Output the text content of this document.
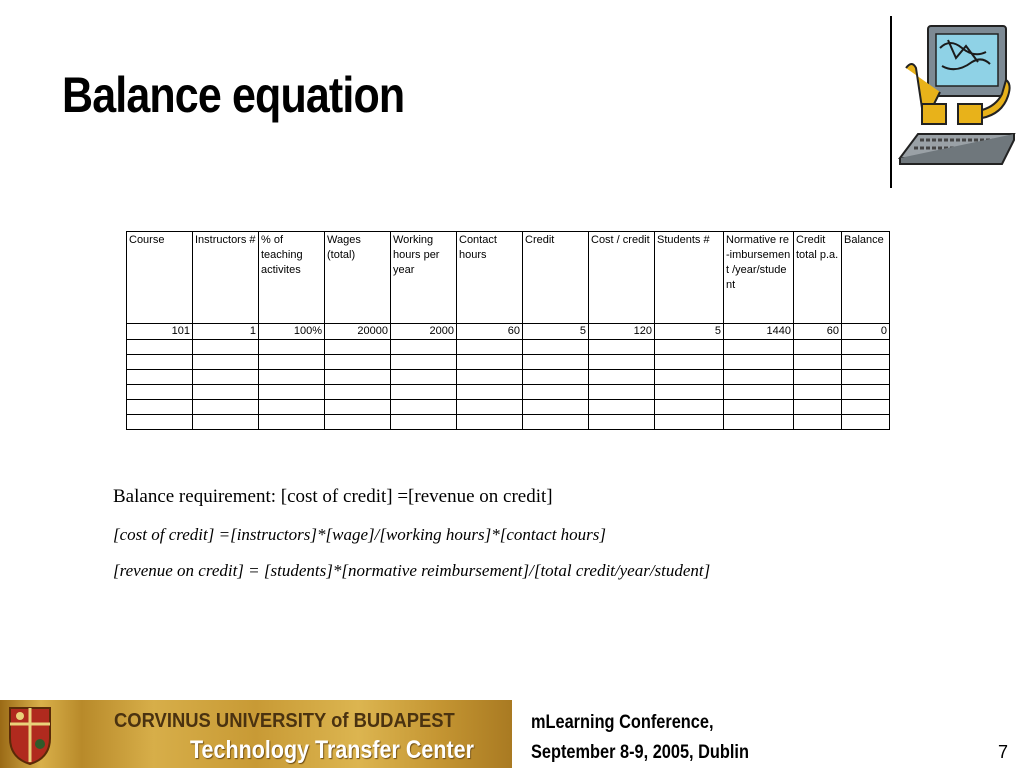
Balance equation
Course	Instructors #	% of teaching activites	Wages (total)	Working hours per year	Contact hours	Credit	Cost / credit	Students #	Normative re-imbursement /year/student	Credit total p.a.	Balance
101	1	100%	20000	2000	60	5	120	5	1440	60	0

Balance requirement: [cost of credit] =[revenue on credit]
[cost of credit] =[instructors]*[wage]/[working hours]*[contact hours]
[revenue on credit] = [students]*[normative reimbursement]/[total credit/year/student]
CORVINUS UNIVERSITY of BUDAPEST
Technology Transfer Center
mLearning Conference,
September 8-9, 2005, Dublin	7
